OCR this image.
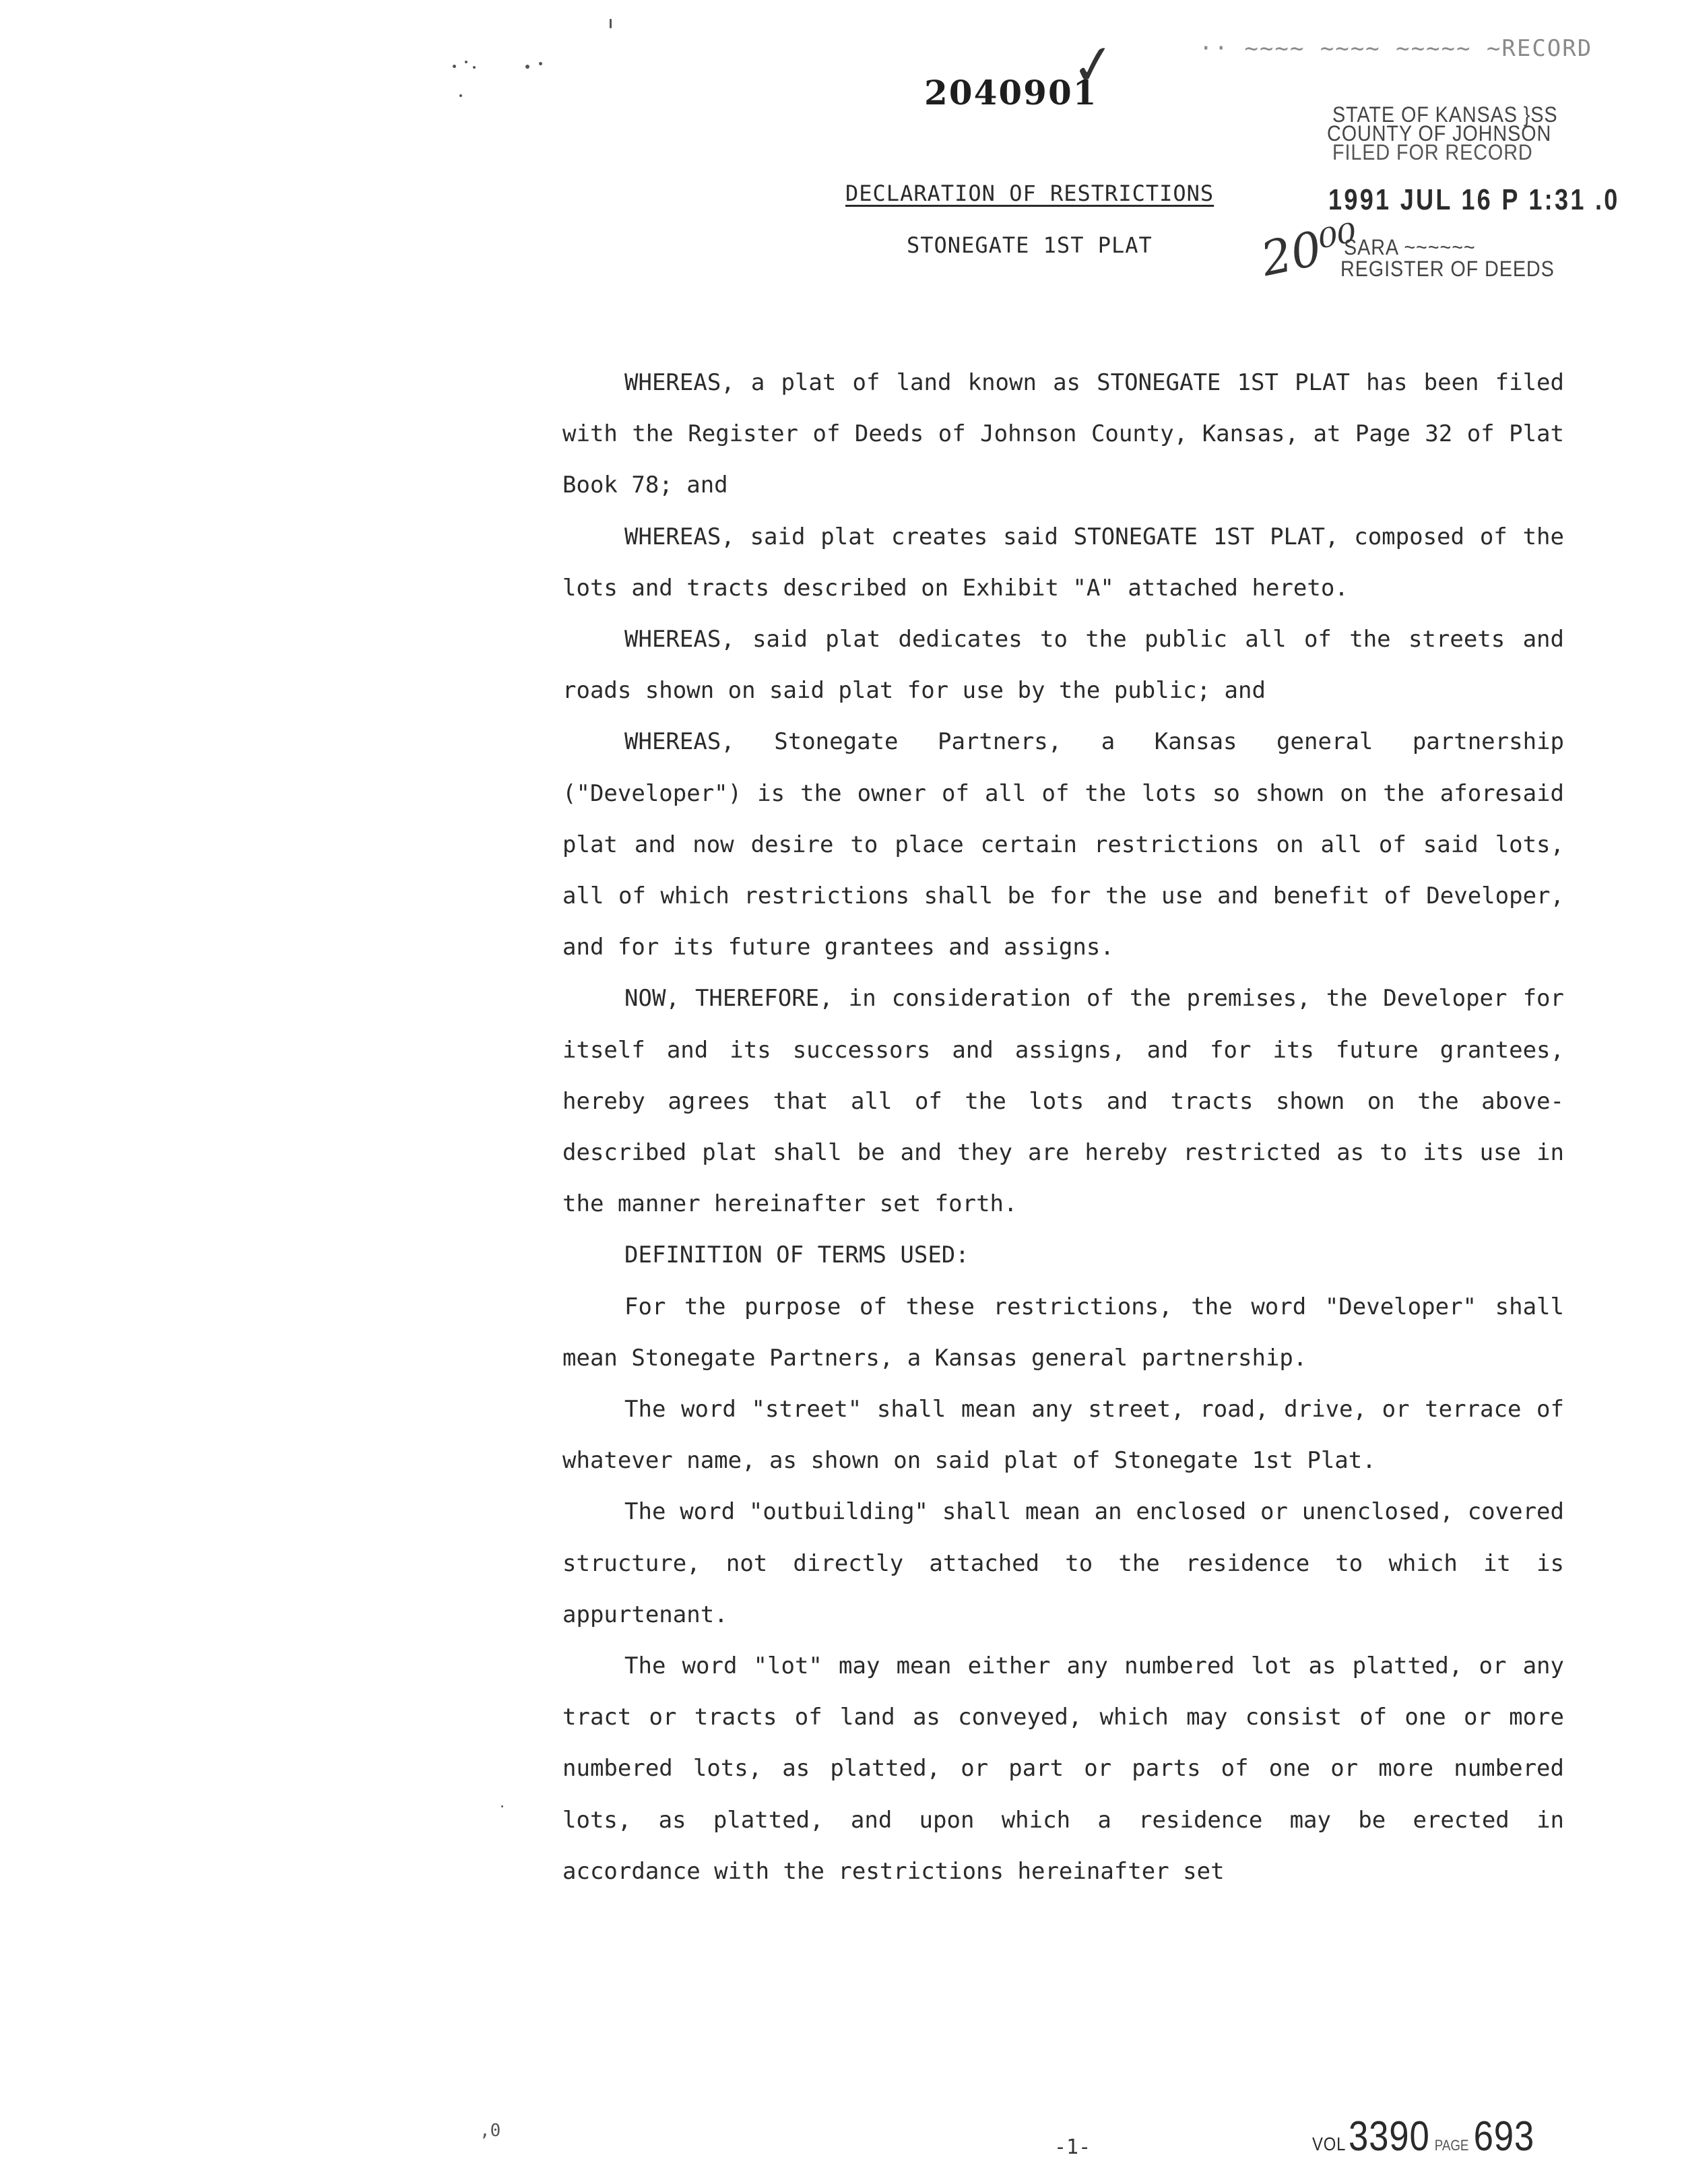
2040901
✓	·· ~~~~ ~~~~ ~~~~~ ~RECORD
STATE OF KANSAS }SS
COUNTY OF JOHNSON
FILED FOR RECORD
1991 JUL 16 P 1:31 .0
SARA ~~~~~~
REGISTER OF DEEDS
20⁰⁰
DECLARATION OF RESTRICTIONS
STONEGATE 1ST PLAT

WHEREAS, a plat of land known as STONEGATE 1ST PLAT has been filed with the Register of Deeds of Johnson County, Kansas, at Page 32 of Plat Book 78; and

WHEREAS, said plat creates said STONEGATE 1ST PLAT, composed of the lots and tracts described on Exhibit "A" attached hereto.

WHEREAS, said plat dedicates to the public all of the streets and roads shown on said plat for use by the public; and

WHEREAS, Stonegate Partners, a Kansas general partnership ("Developer") is the owner of all of the lots so shown on the aforesaid plat and now desire to place certain restrictions on all of said lots, all of which restrictions shall be for the use and benefit of Developer, and for its future grantees and assigns.

NOW, THEREFORE, in consideration of the premises, the Developer for itself and its successors and assigns, and for its future grantees, hereby agrees that all of the lots and tracts shown on the above-described plat shall be and they are hereby restricted as to its use in the manner hereinafter set forth.

DEFINITION OF TERMS USED:

For the purpose of these restrictions, the word "Developer" shall mean Stonegate Partners, a Kansas general partnership.

The word "street" shall mean any street, road, drive, or terrace of whatever name, as shown on said plat of Stonegate 1st Plat.

The word "outbuilding" shall mean an enclosed or unenclosed, covered structure, not directly attached to the residence to which it is appurtenant.

The word "lot" may mean either any numbered lot as platted, or any tract or tracts of land as conveyed, which may consist of one or more numbered lots, as platted, or part or parts of one or more numbered lots, as platted, and upon which a residence may be erected in accordance with the restrictions hereinafter set

,0
-1-	VOL 3390 PAGE 693
